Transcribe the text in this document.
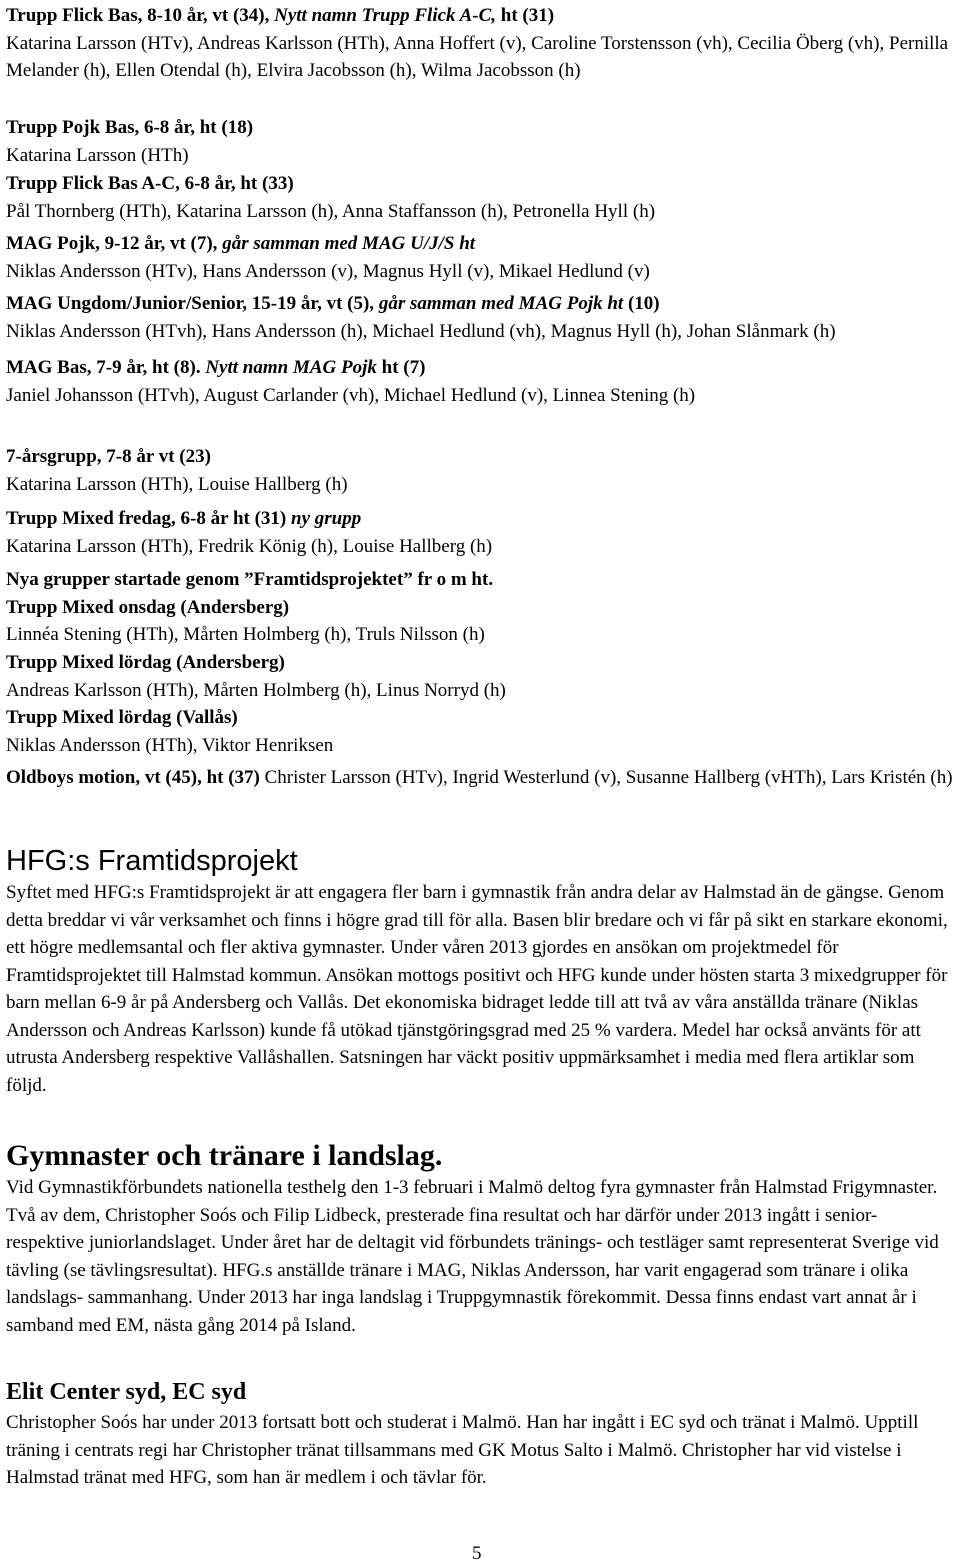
Trupp Flick Bas, 8-10 år, vt (34), Nytt namn Trupp Flick A-C, ht (31)
Katarina Larsson (HTv), Andreas Karlsson (HTh), Anna Hoffert (v), Caroline Torstensson (vh), Cecilia Öberg (vh), Pernilla Melander (h), Ellen Otendal (h), Elvira Jacobsson (h), Wilma Jacobsson (h)

Trupp Pojk Bas, 6-8 år, ht (18)
Katarina Larsson (HTh)

Trupp Flick Bas A-C, 6-8 år, ht (33)
Pål Thornberg (HTh), Katarina Larsson (h), Anna Staffansson (h), Petronella Hyll (h)

MAG Pojk, 9-12 år, vt (7), går samman med MAG U/J/S ht
Niklas Andersson (HTv), Hans Andersson (v), Magnus Hyll (v), Mikael Hedlund (v)

MAG Ungdom/Junior/Senior, 15-19 år, vt (5), går samman med MAG Pojk ht (10)
Niklas Andersson (HTvh), Hans Andersson (h), Michael Hedlund (vh), Magnus Hyll (h), Johan Slånmark (h)

MAG Bas, 7-9 år, ht (8). Nytt namn MAG Pojk ht (7)
Janiel Johansson (HTvh), August Carlander (vh), Michael Hedlund (v), Linnea Stening (h)

7-årsgrupp, 7-8 år vt (23)
Katarina Larsson (HTh), Louise Hallberg (h)

Trupp Mixed fredag, 6-8 år ht (31) ny grupp
Katarina Larsson (HTh), Fredrik König (h), Louise Hallberg (h)

Nya grupper startade genom ”Framtidsprojektet” fr o m ht.
Trupp Mixed onsdag (Andersberg)
Linnéa Stening (HTh), Mårten Holmberg (h), Truls Nilsson (h)

Trupp Mixed lördag (Andersberg)
Andreas Karlsson (HTh), Mårten Holmberg (h), Linus Norryd (h)

Trupp Mixed lördag (Vallås)
Niklas Andersson (HTh), Viktor Henriksen

Oldboys motion, vt (45), ht (37) Christer Larsson (HTv), Ingrid Westerlund (v), Susanne Hallberg (vHTh), Lars Kristén (h)

HFG:s Framtidsprojekt

Syftet med HFG:s Framtidsprojekt är att engagera fler barn i gymnastik från andra delar av Halmstad än de gängse. Genom detta breddar vi vår verksamhet och finns i högre grad till för alla. Basen blir bredare och vi får på sikt en starkare ekonomi, ett högre medlemsantal och fler aktiva gymnaster. Under våren 2013 gjordes en ansökan om projektmedel för Framtidsprojektet till Halmstad kommun. Ansökan mottogs positivt och HFG kunde under hösten starta 3 mixedgrupper för barn mellan 6-9 år på Andersberg och Vallås. Det ekonomiska bidraget ledde till att två av våra anställda tränare (Niklas Andersson och Andreas Karlsson) kunde få utökad tjänstgöringsgrad med 25 % vardera. Medel har också använts för att utrusta Andersberg respektive Vallåshallen. Satsningen har väckt positiv uppmärksamhet i media med flera artiklar som följd.

Gymnaster och tränare i landslag.

Vid Gymnastikförbundets nationella testhelg den 1-3 februari i Malmö deltog fyra gymnaster från Halmstad Frigymnaster. Två av dem, Christopher Soós och Filip Lidbeck, presterade fina resultat och har därför under 2013 ingått i senior- respektive juniorlandslaget. Under året har de deltagit vid förbundets tränings- och testläger samt representerat Sverige vid tävling (se tävlingsresultat). HFG.s anställde tränare i MAG, Niklas Andersson, har varit engagerad som tränare i olika landslags- sammanhang. Under 2013 har inga landslag i Truppgymnastik förekommit. Dessa finns endast vart annat år i samband med EM, nästa gång 2014 på Island.

Elit Center syd, EC syd

Christopher Soós har under 2013 fortsatt bott och studerat i Malmö. Han har ingått i EC syd och tränat i Malmö. Upptill träning i centrats regi har Christopher tränat tillsammans med GK Motus Salto i Malmö. Christopher har vid vistelse i Halmstad tränat med HFG, som han är medlem i och tävlar för.

5
